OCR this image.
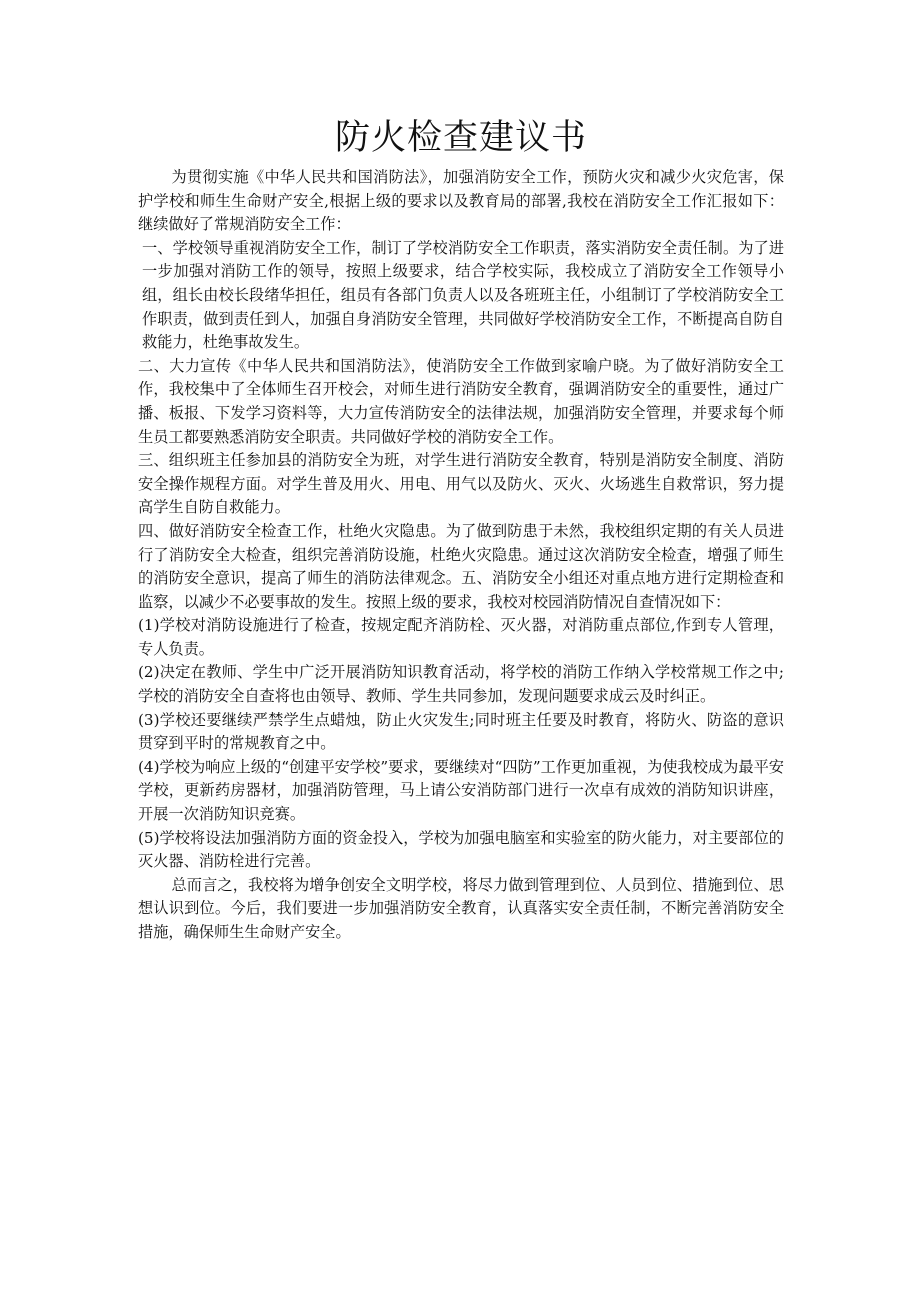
防火检查建议书

为贯彻实施《中华人民共和国消防法》，加强消防安全工作，预防火灾和减少火灾危害，保护学校和师生生命财产安全,根据上级的要求以及教育局的部署,我校在消防安全工作汇报如下：继续做好了常规消防安全工作：

一、学校领导重视消防安全工作，制订了学校消防安全工作职责，落实消防安全责任制。为了进一步加强对消防工作的领导，按照上级要求，结合学校实际，我校成立了消防安全工作领导小组，组长由校长段绪华担任，组员有各部门负责人以及各班班主任，小组制订了学校消防安全工作职责，做到责任到人，加强自身消防安全管理，共同做好学校消防安全工作，不断提高自防自救能力，杜绝事故发生。

二、大力宣传《中华人民共和国消防法》，使消防安全工作做到家喻户晓。为了做好消防安全工作，我校集中了全体师生召开校会，对师生进行消防安全教育，强调消防安全的重要性，通过广播、板报、下发学习资料等，大力宣传消防安全的法律法规，加强消防安全管理，并要求每个师生员工都要熟悉消防安全职责。共同做好学校的消防安全工作。

三、组织班主任参加县的消防安全为班，对学生进行消防安全教育，特别是消防安全制度、消防安全操作规程方面。对学生普及用火、用电、用气以及防火、灭火、火场逃生自救常识，努力提高学生自防自救能力。

四、做好消防安全检查工作，杜绝火灾隐患。为了做到防患于未然，我校组织定期的有关人员进行了消防安全大检查，组织完善消防设施，杜绝火灾隐患。通过这次消防安全检查，增强了师生的消防安全意识，提高了师生的消防法律观念。五、消防安全小组还对重点地方进行定期检查和监察，以减少不必要事故的发生。按照上级的要求，我校对校园消防情况自查情况如下：

(1)学校对消防设施进行了检查，按规定配齐消防栓、灭火器，对消防重点部位,作到专人管理，专人负责。

(2)决定在教师、学生中广泛开展消防知识教育活动，将学校的消防工作纳入学校常规工作之中;学校的消防安全自查将也由领导、教师、学生共同参加，发现问题要求成云及时纠正。

(3)学校还要继续严禁学生点蜡烛，防止火灾发生;同时班主任要及时教育，将防火、防盗的意识贯穿到平时的常规教育之中。

(4)学校为响应上级的“创建平安学校”要求，要继续对“四防”工作更加重视，为使我校成为最平安学校，更新药房器材，加强消防管理，马上请公安消防部门进行一次卓有成效的消防知识讲座，开展一次消防知识竞赛。

(5)学校将设法加强消防方面的资金投入，学校为加强电脑室和实验室的防火能力，对主要部位的灭火器、消防栓进行完善。

总而言之，我校将为增争创安全文明学校，将尽力做到管理到位、人员到位、措施到位、思想认识到位。今后，我们要进一步加强消防安全教育，认真落实安全责任制，不断完善消防安全措施，确保师生生命财产安全。
